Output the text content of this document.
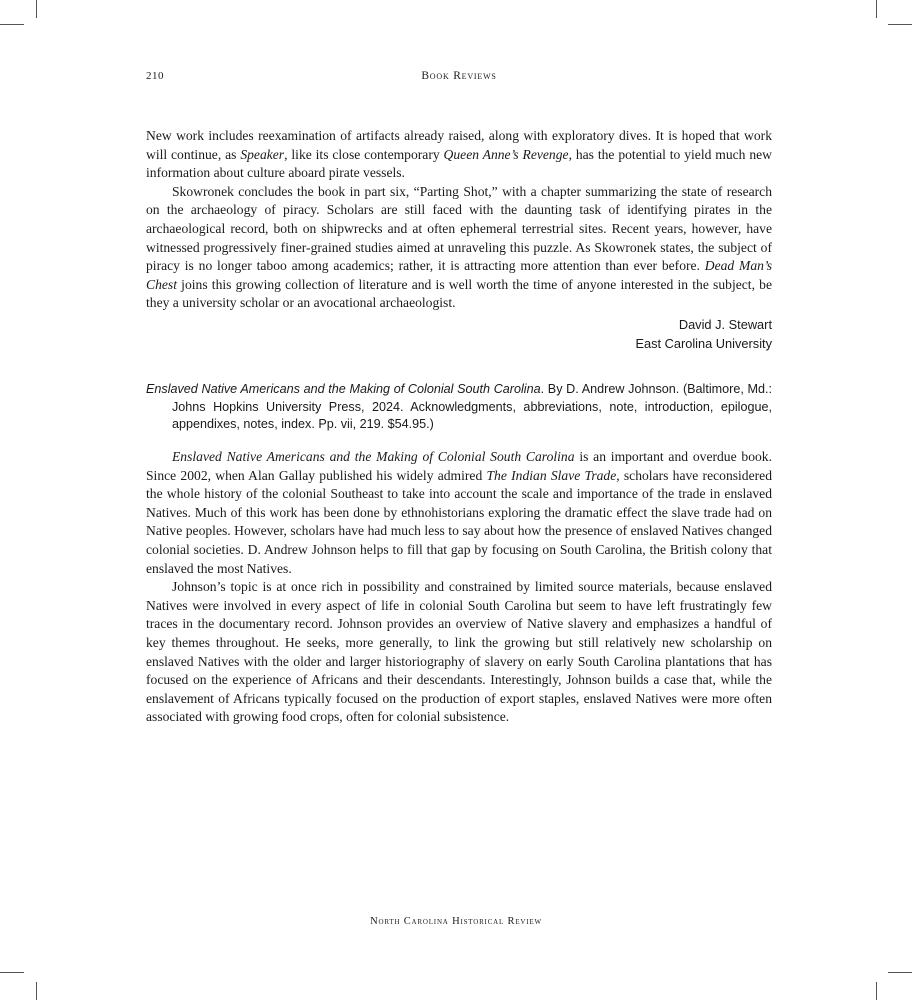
210	Book Reviews

New work includes reexamination of artifacts already raised, along with exploratory dives. It is hoped that work will continue, as Speaker, like its close contemporary Queen Anne’s Revenge, has the potential to yield much new information about culture aboard pirate vessels.

Skowronek concludes the book in part six, “Parting Shot,” with a chapter summarizing the state of research on the archaeology of piracy. Scholars are still faced with the daunting task of identifying pirates in the archaeological record, both on shipwrecks and at often ephemeral terrestrial sites. Recent years, however, have witnessed progressively finer-grained studies aimed at unraveling this puzzle. As Skowronek states, the subject of piracy is no longer taboo among academics; rather, it is attracting more attention than ever before. Dead Man’s Chest joins this growing collection of literature and is well worth the time of anyone interested in the subject, be they a university scholar or an avocational archaeologist.

David J. Stewart
East Carolina University
Enslaved Native Americans and the Making of Colonial South Carolina. By D. Andrew Johnson. (Baltimore, Md.: Johns Hopkins University Press, 2024. Acknowledgments, abbreviations, note, introduction, epilogue, appendixes, notes, index. Pp. vii, 219. $54.95.)

Enslaved Native Americans and the Making of Colonial South Carolina is an important and overdue book. Since 2002, when Alan Gallay published his widely admired The Indian Slave Trade, scholars have reconsidered the whole history of the colonial Southeast to take into account the scale and importance of the trade in enslaved Natives. Much of this work has been done by ethnohistorians exploring the dramatic effect the slave trade had on Native peoples. However, scholars have had much less to say about how the presence of enslaved Natives changed colonial societies. D. Andrew Johnson helps to fill that gap by focusing on South Carolina, the British colony that enslaved the most Natives.

Johnson’s topic is at once rich in possibility and constrained by limited source materials, because enslaved Natives were involved in every aspect of life in colonial South Carolina but seem to have left frustratingly few traces in the documentary record. Johnson provides an overview of Native slavery and emphasizes a handful of key themes throughout. He seeks, more generally, to link the growing but still relatively new scholarship on enslaved Natives with the older and larger historiography of slavery on early South Carolina plantations that has focused on the experience of Africans and their descendants. Interestingly, Johnson builds a case that, while the enslavement of Africans typically focused on the production of export staples, enslaved Natives were more often associated with growing food crops, often for colonial subsistence.

North Carolina Historical Review
